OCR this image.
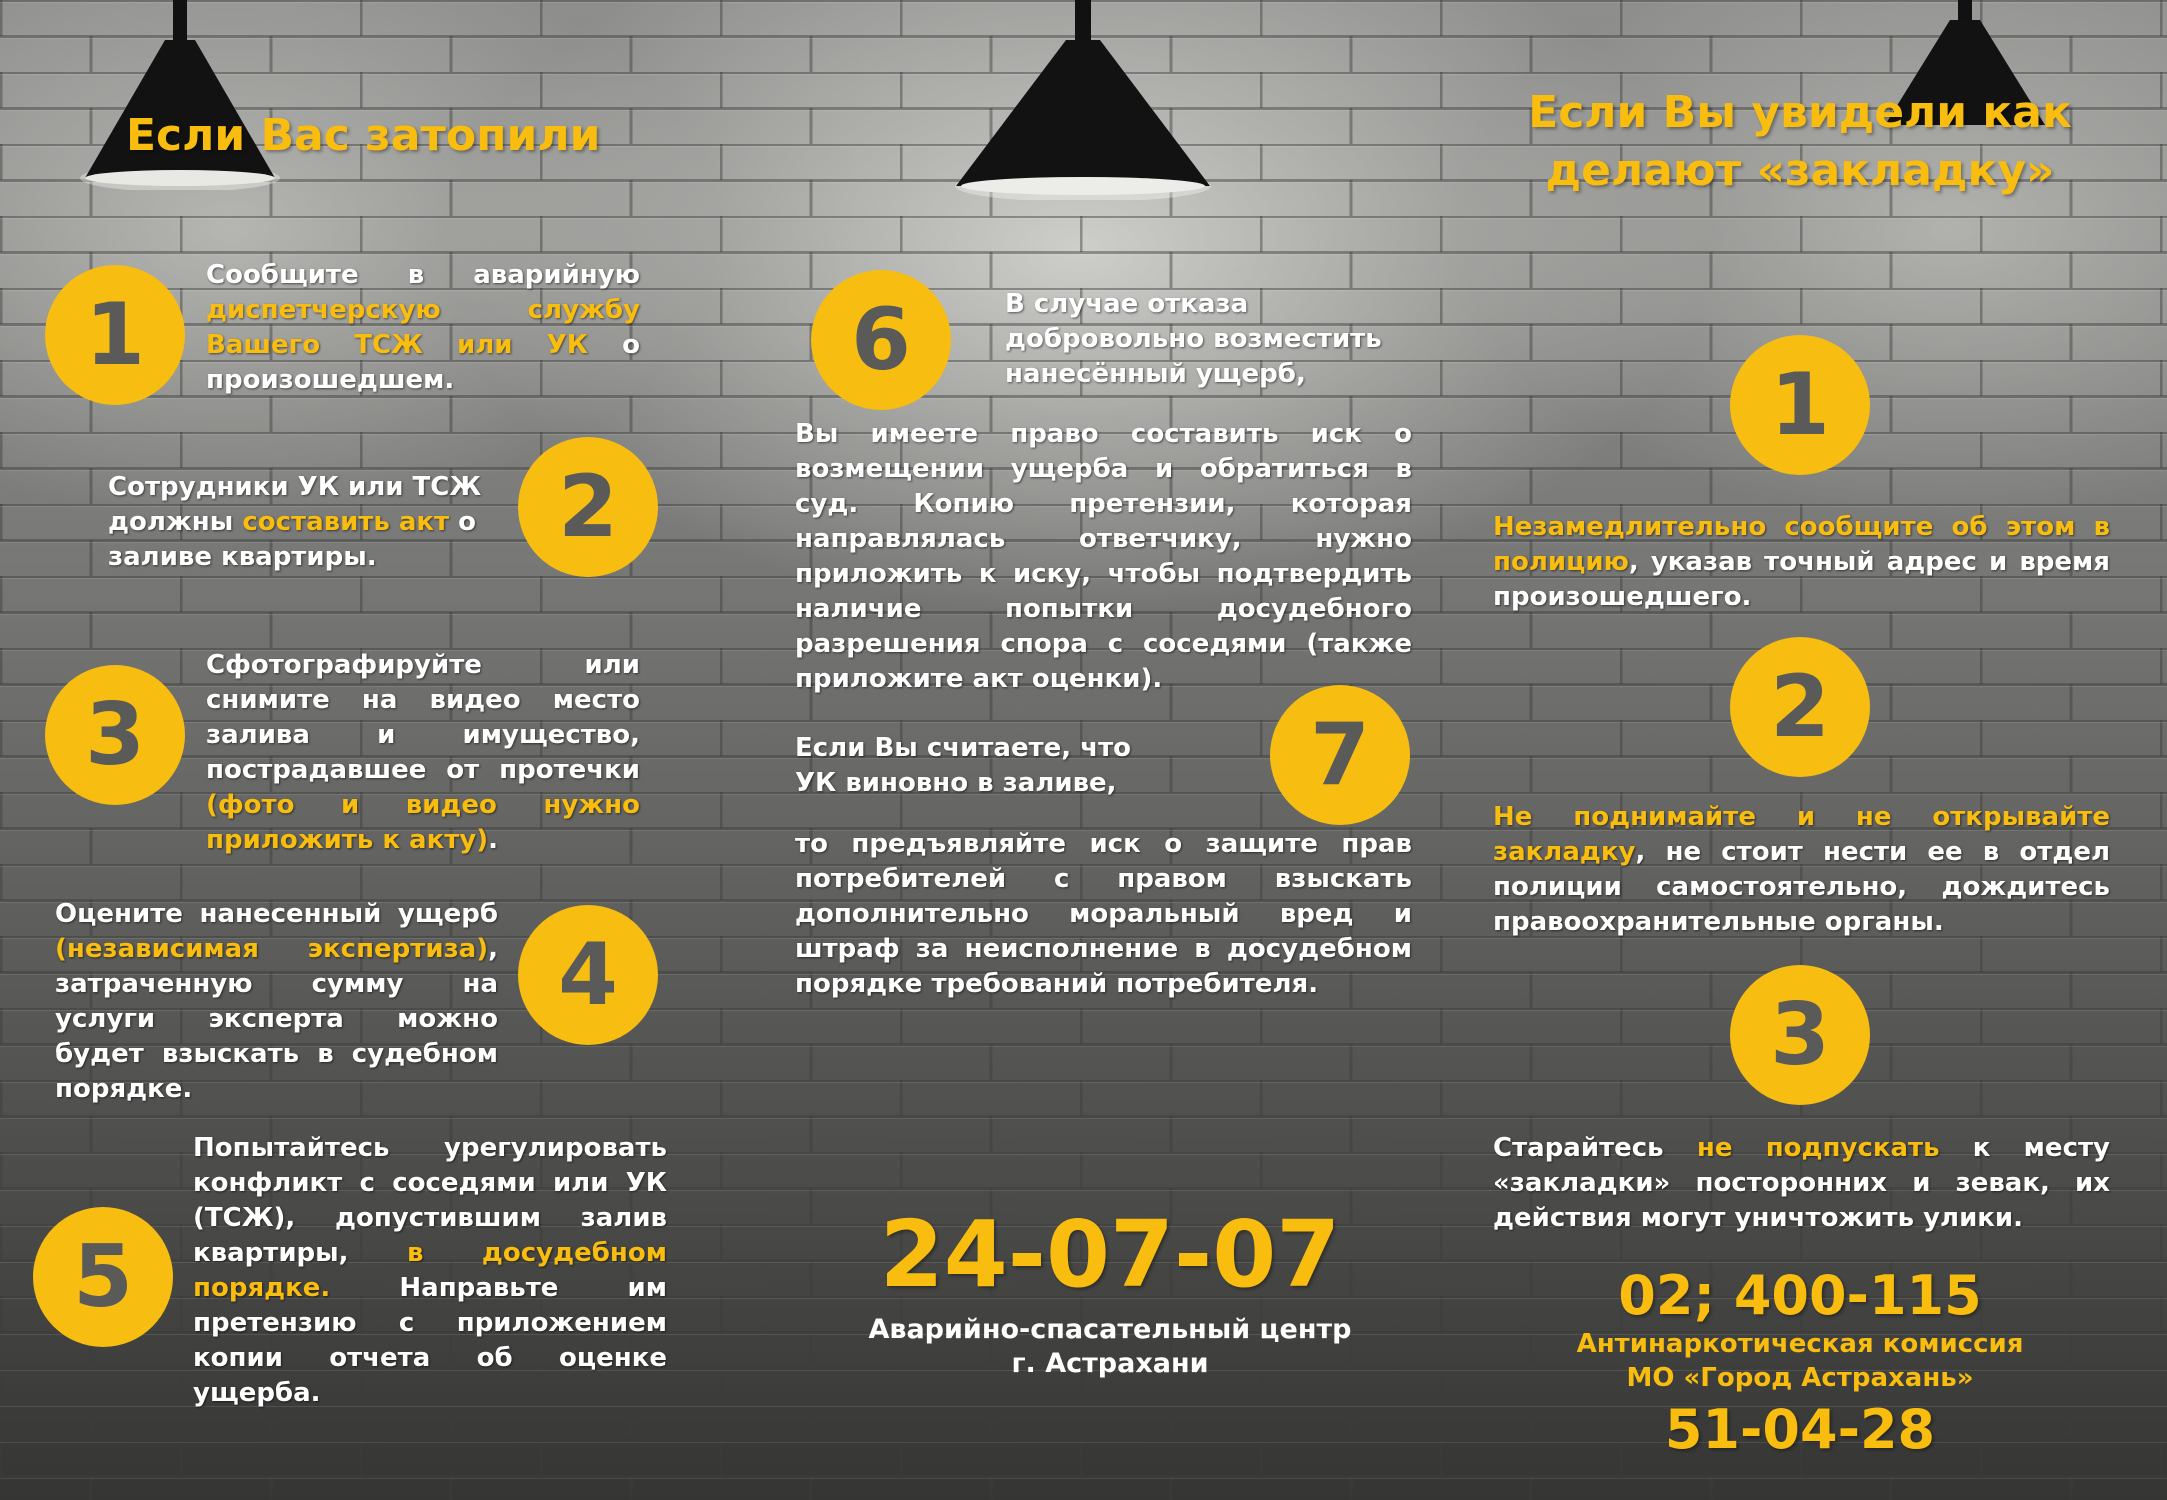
Если Вас затопили
1
Сообщите в аварийную диспетчерскую службу Вашего ТСЖ или УК о произошедшем.
2
Сотрудники УК или ТСЖ должны составить акт о заливе квартиры.
3
Сфотографируйте или снимите на видео место залива и имущество, пострадавшее от протечки (фото и видео нужно приложить к акту).
4
Оцените нанесенный ущерб (независимая экспертиза), затраченную сумму на услуги эксперта можно будет взыскать в судебном порядке.
5
Попытайтесь урегулировать конфликт с соседями или УК (ТСЖ), допустившим залив квартиры, в досудебном порядке. Направьте им претензию с приложением копии отчета об оценке ущерба.
6	В случае отказа добровольно возместить нанесённый ущерб,
Вы имеете право составить иск о возмещении ущерба и обратиться в суд. Копию претензии, которая направлялась ответчику, нужно приложить к иску, чтобы подтвердить наличие попытки досудебного разрешения спора с соседями (также приложите акт оценки).
7
Если Вы считаете, что УК виновно в заливе,
то предъявляйте иск о защите прав потребителей с правом взыскать дополнительно моральный вред и штраф за неисполнение в досудебном порядке требований потребителя.
24-07-07
Аварийно-спасательный центр
г. Астрахани
Если Вы увидели как
делают «закладку»
1
Незамедлительно сообщите об этом в полицию, указав точный адрес и время произошедшего.
2
Не поднимайте и не открывайте закладку, не стоит нести ее в отдел полиции самостоятельно, дождитесь правоохранительные органы.
3
Старайтесь не подпускать к месту «закладки» посторонних и зевак, их действия могут уничтожить улики.
02; 400-115
Антинаркотическая комиссия
МО «Город Астрахань»
51-04-28
